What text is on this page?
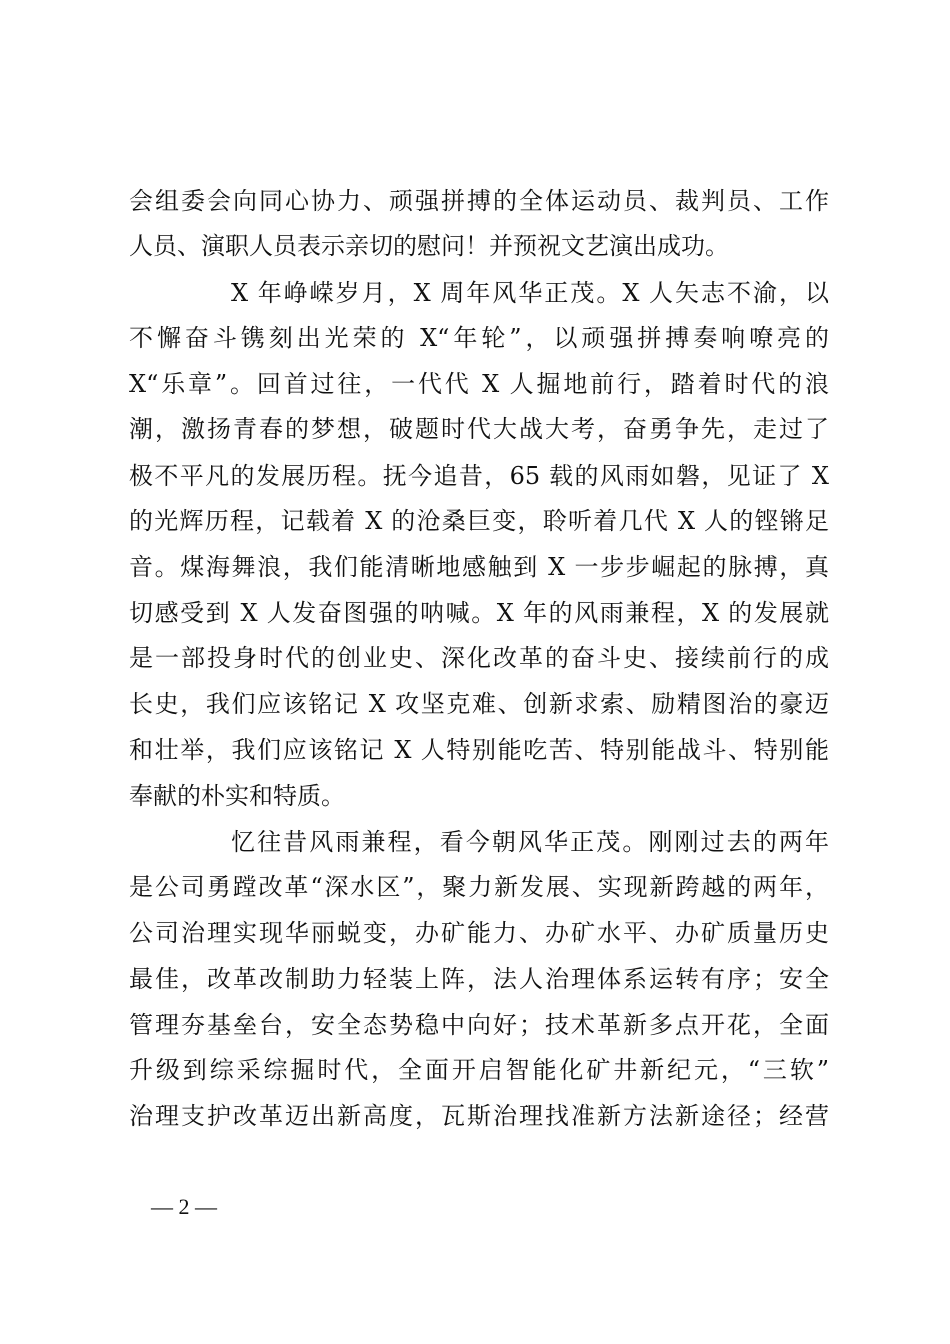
会组委会向同心协力、顽强拼搏的全体运动员、裁判员、工作
人员、演职人员表示亲切的慰问！并预祝文艺演出成功。
X 年峥嵘岁月，X 周年风华正茂。X 人矢志不渝，以
不懈奋斗镌刻出光荣的 X“年轮”，以顽强拼搏奏响嘹亮的
X“乐章”。回首过往，一代代 X 人掘地前行，踏着时代的浪
潮，激扬青春的梦想，破题时代大战大考，奋勇争先，走过了
极不平凡的发展历程。抚今追昔，65 载的风雨如磐，见证了 X
的光辉历程，记载着 X 的沧桑巨变，聆听着几代 X 人的铿锵足
音。煤海舞浪，我们能清晰地感触到 X 一步步崛起的脉搏，真
切感受到 X 人发奋图强的呐喊。X 年的风雨兼程，X 的发展就
是一部投身时代的创业史、深化改革的奋斗史、接续前行的成
长史，我们应该铭记 X 攻坚克难、创新求索、励精图治的豪迈
和壮举，我们应该铭记 X 人特别能吃苦、特别能战斗、特别能
奉献的朴实和特质。
忆往昔风雨兼程，看今朝风华正茂。刚刚过去的两年
是公司勇蹚改革“深水区”，聚力新发展、实现新跨越的两年，
公司治理实现华丽蜕变，办矿能力、办矿水平、办矿质量历史
最佳，改革改制助力轻装上阵，法人治理体系运转有序；安全
管理夯基垒台，安全态势稳中向好；技术革新多点开花，全面
升级到综采综掘时代，全面开启智能化矿井新纪元，“三软”
治理支护改革迈出新高度，瓦斯治理找准新方法新途径；经营
— 2 —
